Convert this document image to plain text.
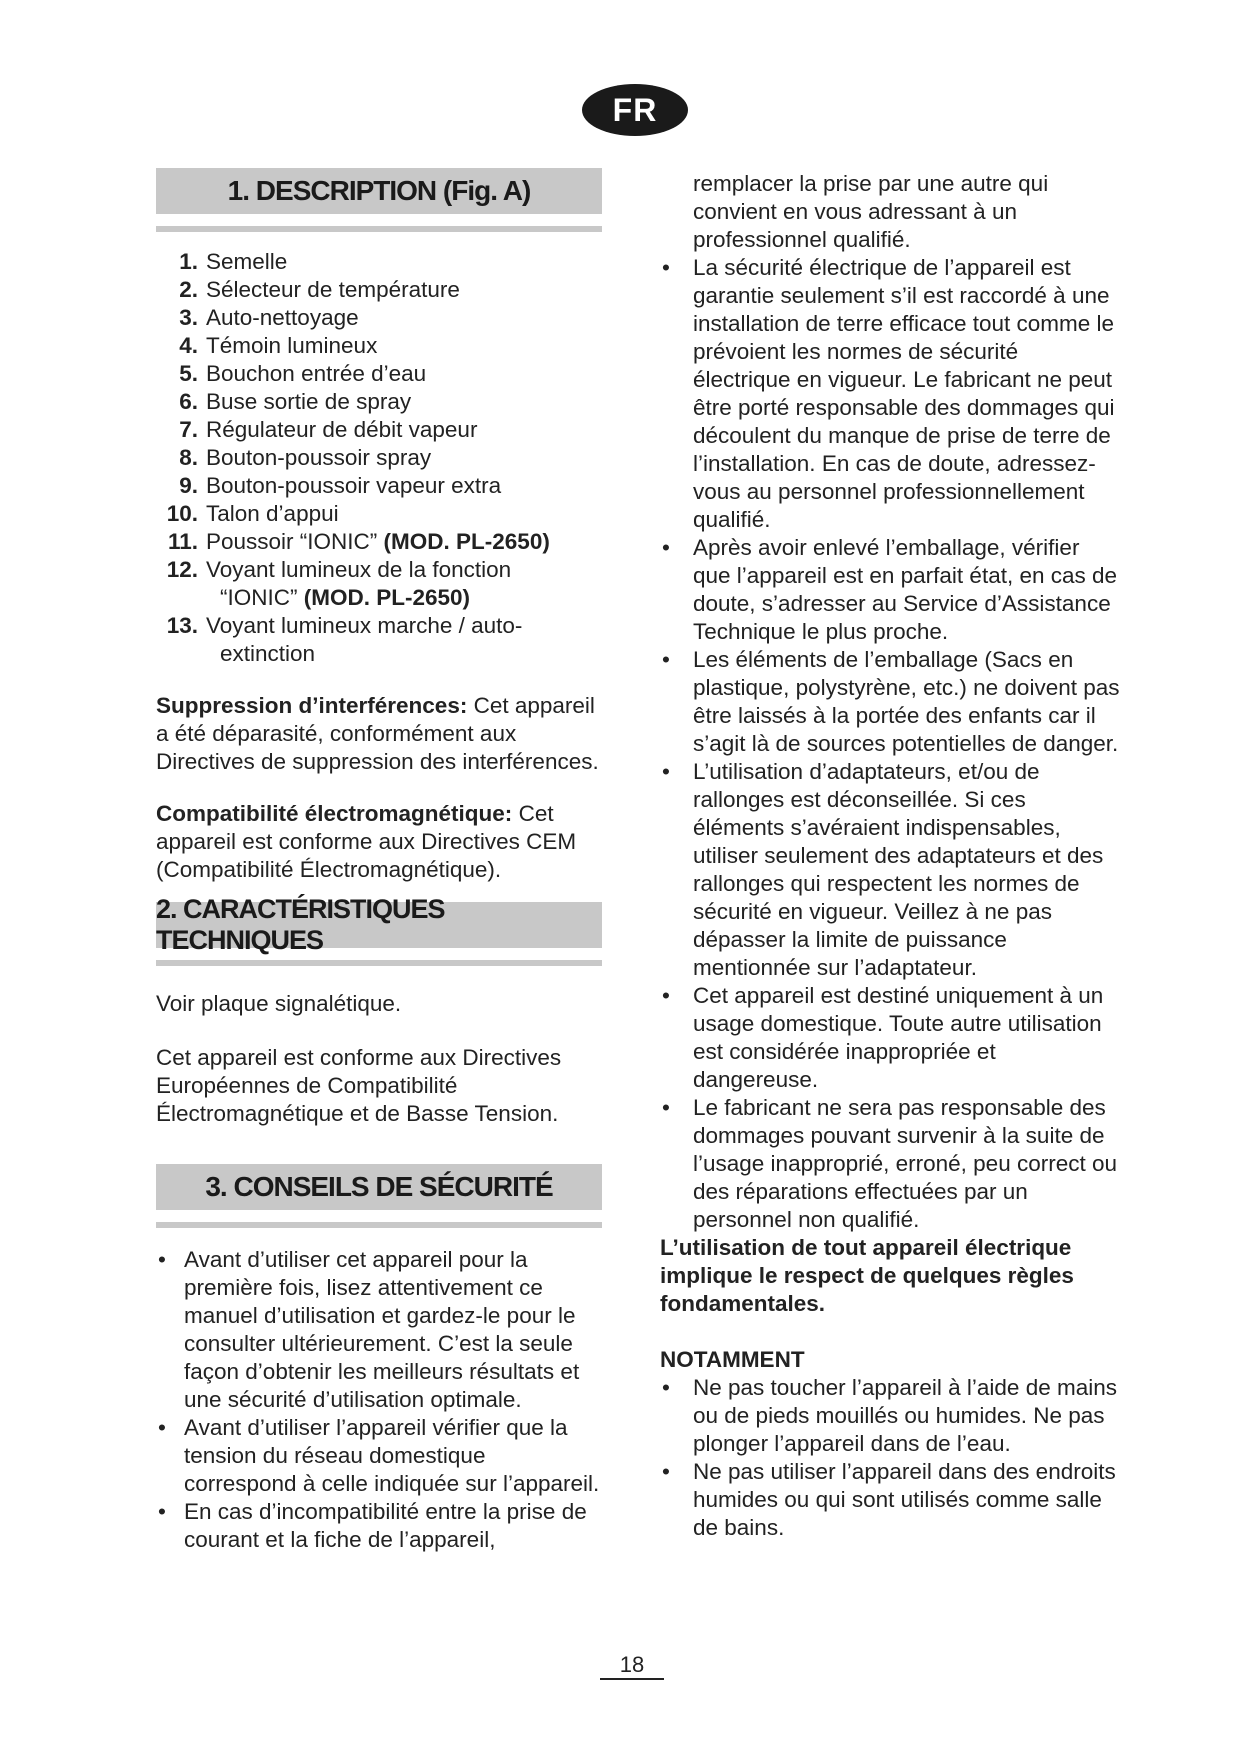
FR
1. DESCRIPTION (Fig. A)
1. Semelle
2. Sélecteur de température
3. Auto-nettoyage
4. Témoin lumineux
5. Bouchon entrée d’eau
6. Buse sortie de spray
7. Régulateur de débit vapeur
8. Bouton-poussoir spray
9. Bouton-poussoir vapeur extra
10. Talon d’appui
11. Poussoir “IONIC” (MOD. PL-2650)
12. Voyant lumineux de la fonction
“IONIC” (MOD. PL-2650)
13. Voyant lumineux marche / auto-
extinction

Suppression d’interférences: Cet appareil a été déparasité, conformément aux Directives de suppression des interférences.

Compatibilité électromagnétique: Cet appareil est conforme aux Directives CEM (Compatibilité Électromagnétique).

2. CARACTÉRISTIQUES TECHNIQUES

Voir plaque signalétique.

Cet appareil est conforme aux Directives Européennes de Compatibilité Électromagnétique et de Basse Tension.

3. CONSEILS DE SÉCURITÉ
• Avant d’utiliser cet appareil pour la première fois, lisez attentivement ce manuel d’utilisation et gardez-le pour le consulter ultérieurement. C’est la seule façon d’obtenir les meilleurs résultats et une sécurité d’utilisation optimale.
• Avant d’utiliser l’appareil vérifier que la tension du réseau domestique correspond à celle indiquée sur l’appareil.
• En cas d’incompatibilité entre la prise de courant et la fiche de l’appareil,

remplacer la prise par une autre qui convient en vous adressant à un professionnel qualifié.

• La sécurité électrique de l’appareil est garantie seulement s’il est raccordé à une installation de terre efficace tout comme le prévoient les normes de sécurité électrique en vigueur. Le fabricant ne peut être porté responsable des dommages qui découlent du manque de prise de terre de l’installation. En cas de doute, adressez-vous au personnel professionnellement qualifié.
• Après avoir enlevé l’emballage, vérifier que l’appareil est en parfait état, en cas de doute, s’adresser au Service d’Assistance Technique le plus proche.
• Les éléments de l’emballage (Sacs en plastique, polystyrène, etc.) ne doivent pas être laissés à la portée des enfants car il s’agit là de sources potentielles de danger.
• L’utilisation d’adaptateurs, et/ou de rallonges est déconseillée. Si ces éléments s’avéraient indispensables, utiliser seulement des adaptateurs et des rallonges qui respectent les normes de sécurité en vigueur. Veillez à ne pas dépasser la limite de puissance mentionnée sur l’adaptateur.
• Cet appareil est destiné uniquement à un usage domestique. Toute autre utilisation est considérée inappropriée et dangereuse.
• Le fabricant ne sera pas responsable des dommages pouvant survenir à la suite de l’usage inapproprié, erroné, peu correct ou des réparations effectuées par un personnel non qualifié.

L’utilisation de tout appareil électrique implique le respect de quelques règles fondamentales.

NOTAMMENT

• Ne pas toucher l’appareil à l’aide de mains ou de pieds mouillés ou humides. Ne pas plonger l’appareil dans de l’eau.
• Ne pas utiliser l’appareil dans des endroits humides ou qui sont utilisés comme salle de bains.
18
